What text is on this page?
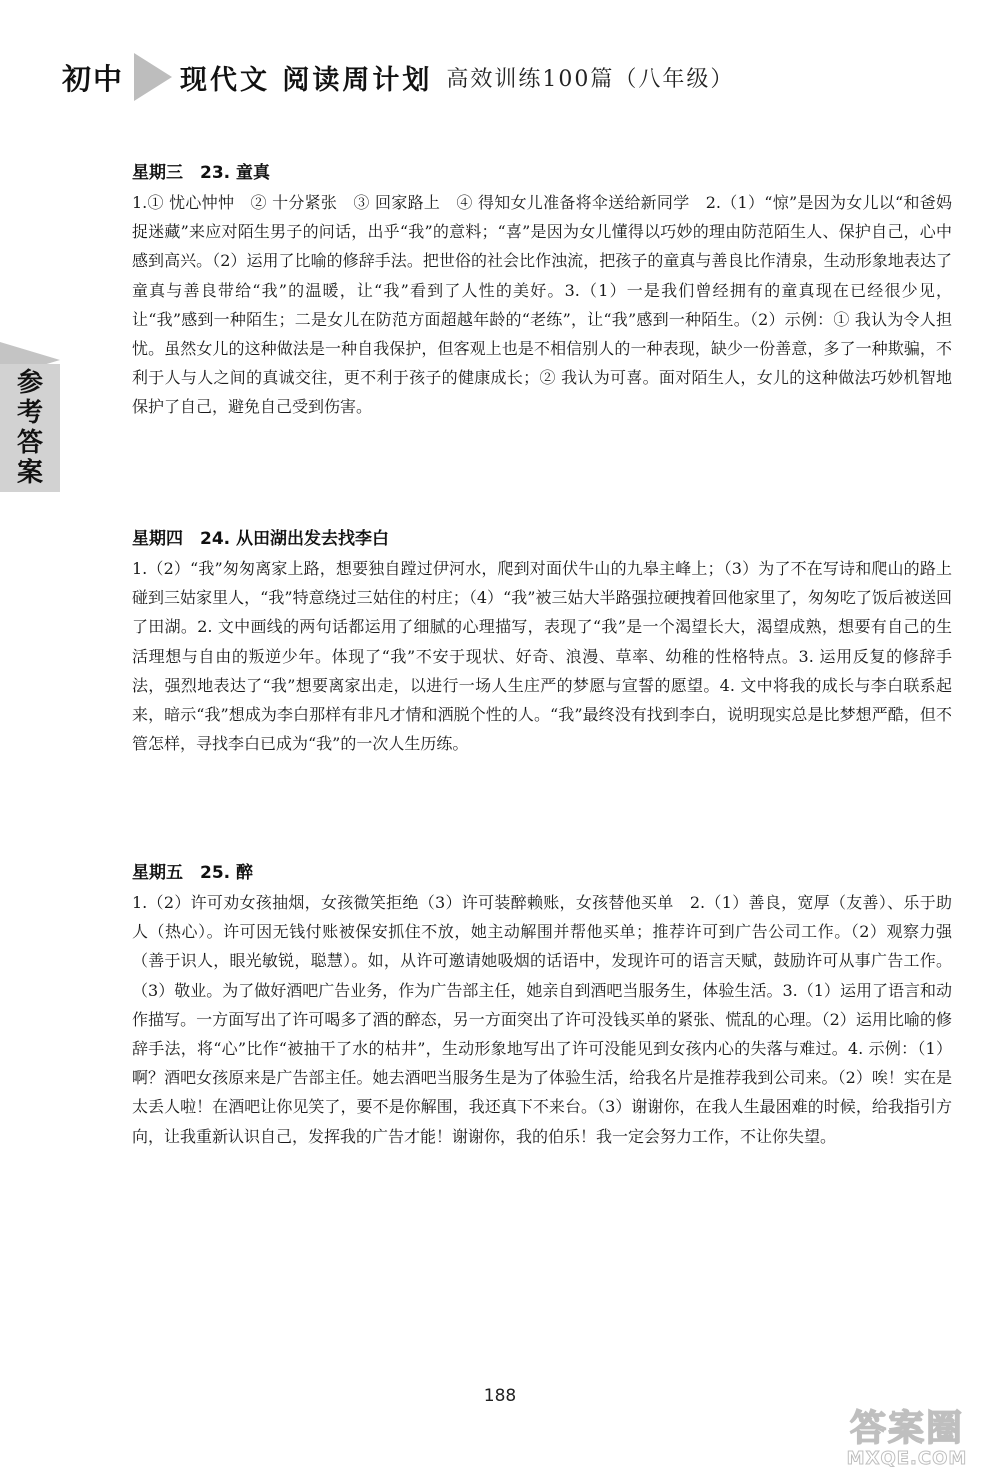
初中 现代文 阅读周计划 高效训练100篇（八年级）
参考答案
星期三　23. 童真

1.① 忧心忡忡　② 十分紧张　③ 回家路上　④ 得知女儿准备将伞送给新同学　2.（1）“惊”是因为女儿以“和爸妈捉迷藏”来应对陌生男子的问话，出乎“我”的意料；“喜”是因为女儿懂得以巧妙的理由防范陌生人、保护自己，心中感到高兴。（2）运用了比喻的修辞手法。把世俗的社会比作浊流，把孩子的童真与善良比作清泉，生动形象地表达了童真与善良带给“我”的温暖，让“我”看到了人性的美好。3.（1）一是我们曾经拥有的童真现在已经很少见，让“我”感到一种陌生；二是女儿在防范方面超越年龄的“老练”，让“我”感到一种陌生。（2）示例：① 我认为令人担忧。虽然女儿的这种做法是一种自我保护，但客观上也是不相信别人的一种表现，缺少一份善意，多了一种欺骗，不利于人与人之间的真诚交往，更不利于孩子的健康成长；② 我认为可喜。面对陌生人，女儿的这种做法巧妙机智地保护了自己，避免自己受到伤害。

星期四　24. 从田湖出发去找李白

1.（2）“我”匆匆离家上路，想要独自蹚过伊河水，爬到对面伏牛山的九皋主峰上；（3）为了不在写诗和爬山的路上碰到三姑家里人，“我”特意绕过三姑住的村庄；（4）“我”被三姑大半路强拉硬拽着回他家里了，匆匆吃了饭后被送回了田湖。2. 文中画线的两句话都运用了细腻的心理描写，表现了“我”是一个渴望长大，渴望成熟，想要有自己的生活理想与自由的叛逆少年。体现了“我”不安于现状、好奇、浪漫、草率、幼稚的性格特点。3. 运用反复的修辞手法，强烈地表达了“我”想要离家出走，以进行一场人生庄严的梦愿与宣誓的愿望。4. 文中将我的成长与李白联系起来，暗示“我”想成为李白那样有非凡才情和洒脱个性的人。“我”最终没有找到李白，说明现实总是比梦想严酷，但不管怎样，寻找李白已成为“我”的一次人生历练。

星期五　25. 醉

1.（2）许可劝女孩抽烟，女孩微笑拒绝（3）许可装醉赖账，女孩替他买单　2.（1）善良，宽厚（友善）、乐于助人（热心）。许可因无钱付账被保安抓住不放，她主动解围并帮他买单；推荐许可到广告公司工作。（2）观察力强（善于识人，眼光敏锐，聪慧）。如，从许可邀请她吸烟的话语中，发现许可的语言天赋，鼓励许可从事广告工作。（3）敬业。为了做好酒吧广告业务，作为广告部主任，她亲自到酒吧当服务生，体验生活。3.（1）运用了语言和动作描写。一方面写出了许可喝多了酒的醉态，另一方面突出了许可没钱买单的紧张、慌乱的心理。（2）运用比喻的修辞手法，将“心”比作“被抽干了水的枯井”，生动形象地写出了许可没能见到女孩内心的失落与难过。4. 示例：（1）啊？酒吧女孩原来是广告部主任。她去酒吧当服务生是为了体验生活，给我名片是推荐我到公司来。（2）唉！实在是太丢人啦！在酒吧让你见笑了，要不是你解围，我还真下不来台。（3）谢谢你，在我人生最困难的时候，给我指引方向，让我重新认识自己，发挥我的广告才能！谢谢你，我的伯乐！我一定会努力工作，不让你失望。

188
答案圈
MXQE.COM
